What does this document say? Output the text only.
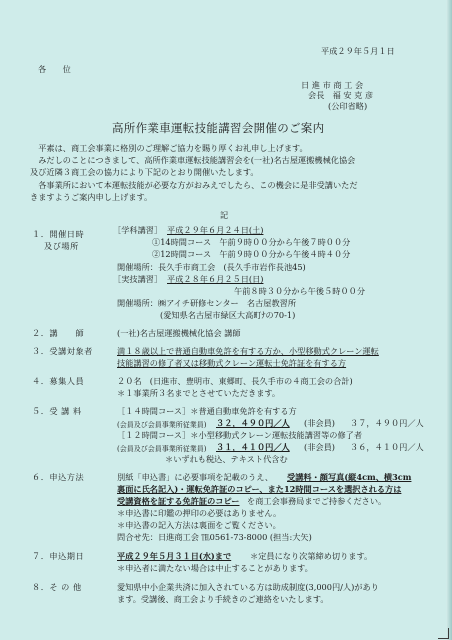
平成２９年５月１日
各　　位
日 進 市 商 工 会
会長　福 安 克 彦
(公印省略)
高所作業車運転技能講習会開催のご案内
　平素は、商工会事業に格別のご理解ご協力を賜り厚くお礼申し上げます。
　みだしのことにつきまして、高所作業車運転技能講習会を(一社)名古屋運搬機械化協会
及び近隣３商工会の協力により下記のとおり開催いたします。
　各事業所において本運転技能が必要な方がおみえでしたら、この機会に是非受講いただ
きますようご案内申し上げます。
記
１．開催日時
及び場所
［学科講習］ 平成２９年６月２４日(土)
①14時間コース　午前９時００分から午後７時００分
②12時間コース　午前９時００分から午後４時４０分
開催場所：長久手市商工会　(長久手市岩作長池45)
［実技講習］ 平成２８年６月２５日(日)
午前８時３０分から午後５時００分
開催場所：㈱アイチ研修センター　名古屋教習所
(愛知県名古屋市緑区大高町ﾅの70-1)
２．講　　師	(一社)名古屋運搬機械化協会 講師
３．受講対象者	満１８歳以上で普通自動車免許を有する方か、小型移動式クレーン運転
技能講習の修了者又は移動式クレーン運転士免許証を有する方
４．募集人員	２０名　(日進市、豊明市、東郷町、長久手市の４商工会の合計)
＊１事業所３名までとさせていただきます。
５．受 講 料	［１４時間コース］＊普通自動車免許を有する方
(会員及び会員事業所従業員) ３２，４９０円／人 (非会員) ３７，４９０円／人
［１２時間コース］＊小型移動式クレーン運転技能講習等の修了者
(会員及び会員事業所従業員) ３１，４１０円／人 (非会員) ３６，４１０円／人
＊いずれも税込、テキスト代含む
６．申込方法	別紙「申込書」に必要事項を記載のうえ、 受講料・顔写真(縦4cm、横3cm
裏面に氏名記入)・運転免許証のコピー、また12時間コースを選択される方は
受講資格を証する免許証のコピー を商工会事務局までご持参ください。
＊申込書に印鑑の押印の必要はありません。
＊申込書の記入方法は裏面をご覧ください。
問合せ先：日進商工会 ℡0561-73-8000 (担当:大矢)
７．申込期日	平成２９年５月３１日(水)まで ＊定員になり次第締め切ります。
＊申込者に満たない場合は中止することがあります。
８．そ の 他	愛知県中小企業共済に加入されている方は助成制度(3,000円/人)があり
ます。受講後、商工会より手続きのご連絡をいたします。
